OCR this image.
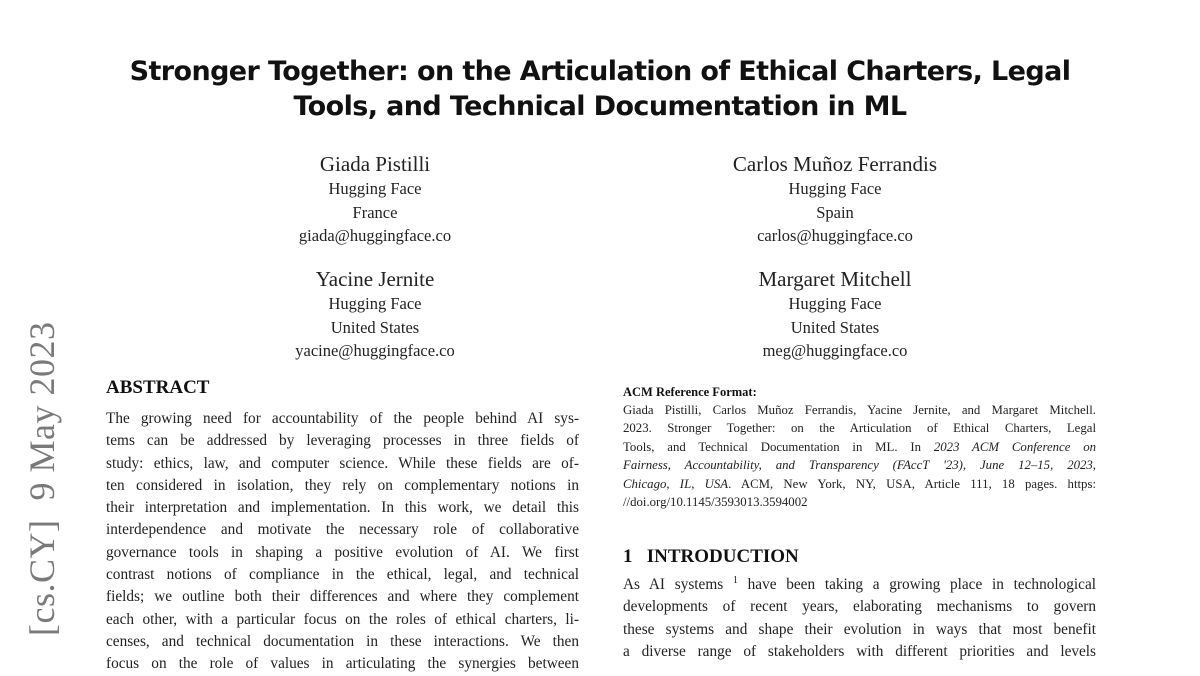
Stronger Together: on the Articulation of Ethical Charters, Legal
Tools, and Technical Documentation in ML
Giada Pistilli
Hugging Face
France
giada@huggingface.co
Carlos Muñoz Ferrandis
Hugging Face
Spain
carlos@huggingface.co
Yacine Jernite
Hugging Face
United States
yacine@huggingface.co
Margaret Mitchell
Hugging Face
United States
meg@huggingface.co
[cs.CY]  9 May 2023 ABSTRACT
The growing need for accountability of the people behind AI sys-
tems can be addressed by leveraging processes in three fields of
study: ethics, law, and computer science. While these fields are of-
ten considered in isolation, they rely on complementary notions in
their interpretation and implementation. In this work, we detail this
interdependence and motivate the necessary role of collaborative
governance tools in shaping a positive evolution of AI. We first
contrast notions of compliance in the ethical, legal, and technical
fields; we outline both their differences and where they complement
each other, with a particular focus on the roles of ethical charters, li-
censes, and technical documentation in these interactions. We then
focus on the role of values in articulating the synergies between
ACM Reference Format:
Giada Pistilli, Carlos Muñoz Ferrandis, Yacine Jernite, and Margaret Mitchell.
2023. Stronger Together: on the Articulation of Ethical Charters, Legal
Tools, and Technical Documentation in ML. In 2023 ACM Conference on
Fairness, Accountability, and Transparency (FAccT '23), June 12–15, 2023,
Chicago, IL, USA. ACM, New York, NY, USA, Article 111, 18 pages. https:
//doi.org/10.1145/3593013.3594002
1 INTRODUCTION
As AI systems $^1$ have been taking a growing place in technological
developments of recent years, elaborating mechanisms to govern
these systems and shape their evolution in ways that most benefit
a diverse range of stakeholders with different priorities and levels
